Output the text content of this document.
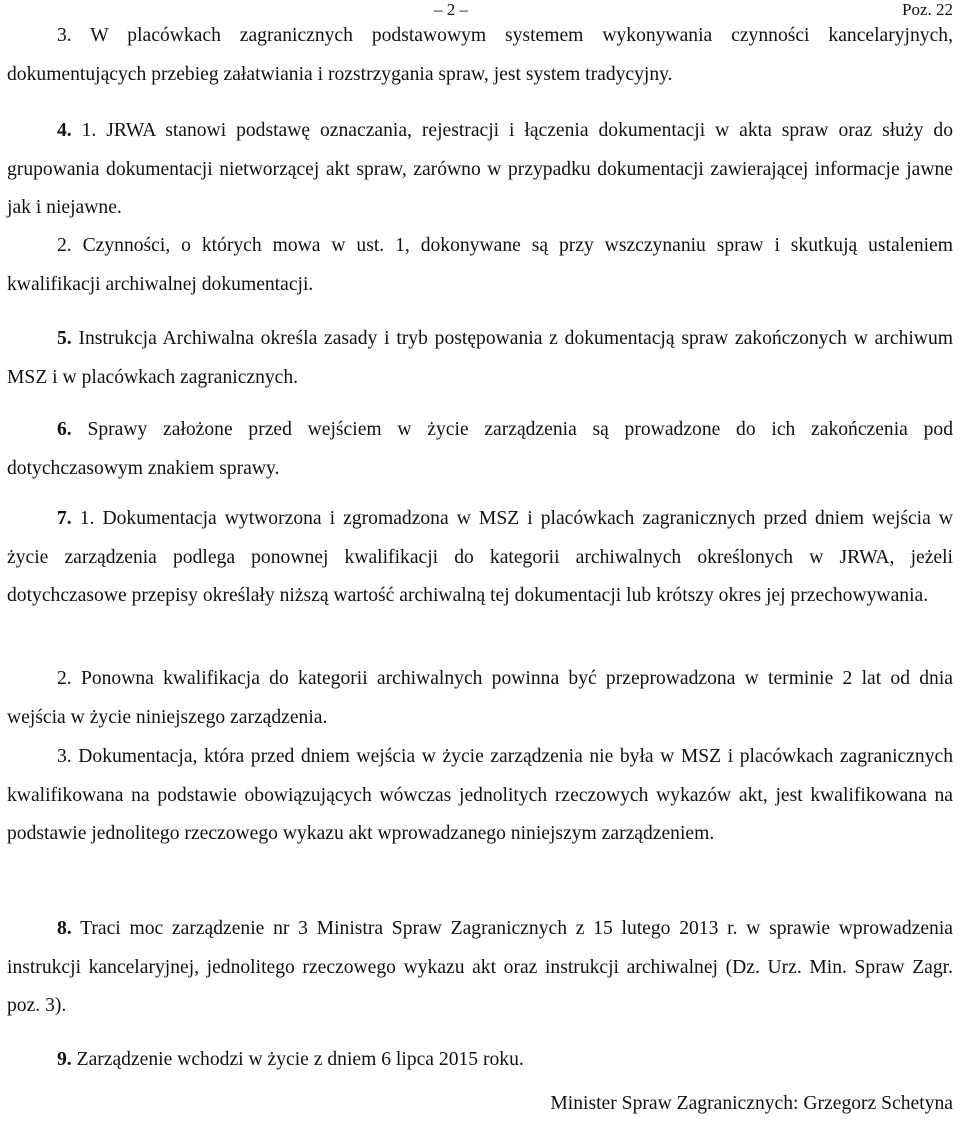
– 2 –	Poz. 22

3. W placówkach zagranicznych podstawowym systemem wykonywania czynności kancelaryjnych, dokumentujących przebieg załatwiania i rozstrzygania spraw, jest system tradycyjny.

4. 1. JRWA stanowi podstawę oznaczania, rejestracji i łączenia dokumentacji w akta spraw oraz służy do grupowania dokumentacji nietworzącej akt spraw, zarówno w przypadku dokumentacji zawierającej informacje jawne jak i niejawne.

2. Czynności, o których mowa w ust. 1, dokonywane są przy wszczynaniu spraw i skutkują ustaleniem kwalifikacji archiwalnej dokumentacji.

5. Instrukcja Archiwalna określa zasady i tryb postępowania z dokumentacją spraw zakończonych w archiwum MSZ i w placówkach zagranicznych.

6. Sprawy założone przed wejściem w życie zarządzenia są prowadzone do ich zakończenia pod dotychczasowym znakiem sprawy.

7. 1. Dokumentacja wytworzona i zgromadzona w MSZ i placówkach zagranicznych przed dniem wejścia w życie zarządzenia podlega ponownej kwalifikacji do kategorii archiwalnych określonych w JRWA, jeżeli dotychczasowe przepisy określały niższą wartość archiwalną tej dokumentacji lub krótszy okres jej przechowywania.

2. Ponowna kwalifikacja do kategorii archiwalnych powinna być przeprowadzona w terminie 2 lat od dnia wejścia w życie niniejszego zarządzenia.

3. Dokumentacja, która przed dniem wejścia w życie zarządzenia nie była w MSZ i placówkach zagranicznych kwalifikowana na podstawie obowiązujących wówczas jednolitych rzeczowych wykazów akt, jest kwalifikowana na podstawie jednolitego rzeczowego wykazu akt wprowadzanego niniejszym zarządzeniem.

8. Traci moc zarządzenie nr 3 Ministra Spraw Zagranicznych z 15 lutego 2013 r. w sprawie wprowadzenia instrukcji kancelaryjnej, jednolitego rzeczowego wykazu akt oraz instrukcji archiwalnej (Dz. Urz. Min. Spraw Zagr. poz. 3).

9. Zarządzenie wchodzi w życie z dniem 6 lipca 2015 roku.

Minister Spraw Zagranicznych: Grzegorz Schetyna
